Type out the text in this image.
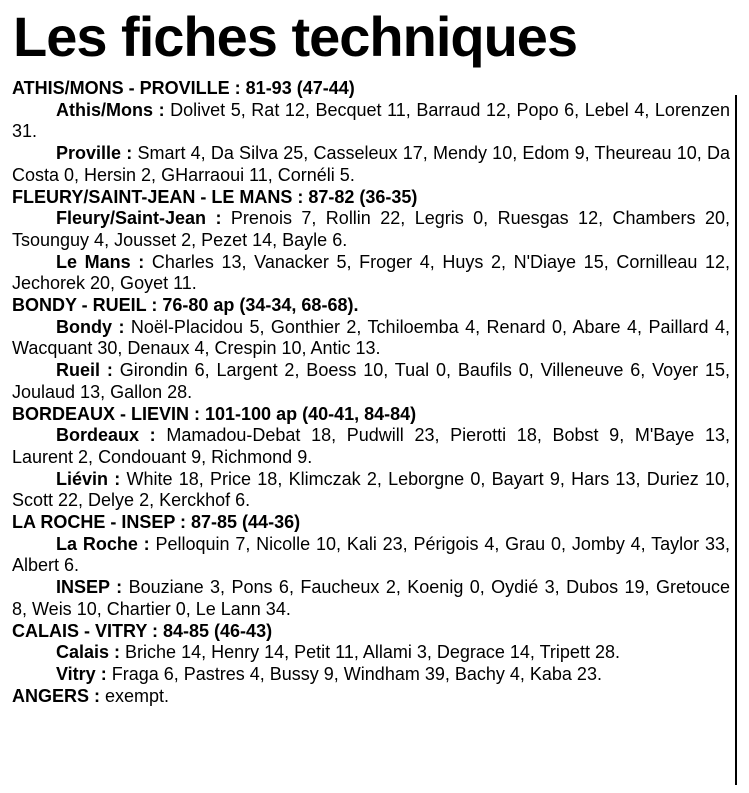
Les fiches techniques
ATHIS/MONS - PROVILLE : 81-93 (47-44)
Athis/Mons : Dolivet 5, Rat 12, Becquet 11, Barraud 12, Popo 6, Lebel 4, Lorenzen 31.
Proville : Smart 4, Da Silva 25, Casseleux 17, Mendy 10, Edom 9, Theureau 10, Da Costa 0, Hersin 2, GHarraoui 11, Cornéli 5.
FLEURY/SAINT-JEAN - LE MANS : 87-82 (36-35)
Fleury/Saint-Jean : Prenois 7, Rollin 22, Legris 0, Ruesgas 12, Chambers 20, Tsounguy 4, Jousset 2, Pezet 14, Bayle 6.
Le Mans : Charles 13, Vanacker 5, Froger 4, Huys 2, N'Diaye 15, Cornilleau 12, Jechorek 20, Goyet 11.
BONDY - RUEIL : 76-80 ap (34-34, 68-68).
Bondy : Noël-Placidou 5, Gonthier 2, Tchiloemba 4, Renard 0, Abare 4, Paillard 4, Wacquant 30, Denaux 4, Crespin 10, Antic 13.
Rueil : Girondin 6, Largent 2, Boess 10, Tual 0, Baufils 0, Villeneuve 6, Voyer 15, Joulaud 13, Gallon 28.
BORDEAUX - LIEVIN : 101-100 ap (40-41, 84-84)
Bordeaux : Mamadou-Debat 18, Pudwill 23, Pierotti 18, Bobst 9, M'Baye 13, Laurent 2, Condouant 9, Richmond 9.
Liévin : White 18, Price 18, Klimczak 2, Leborgne 0, Bayart 9, Hars 13, Duriez 10, Scott 22, Delye 2, Kerckhof 6.
LA ROCHE - INSEP : 87-85 (44-36)
La Roche : Pelloquin 7, Nicolle 10, Kali 23, Périgois 4, Grau 0, Jomby 4, Taylor 33, Albert 6.
INSEP : Bouziane 3, Pons 6, Faucheux 2, Koenig 0, Oydié 3, Dubos 19, Gretouce 8, Weis 10, Chartier 0, Le Lann 34.
CALAIS - VITRY : 84-85 (46-43)
Calais : Briche 14, Henry 14, Petit 11, Allami 3, Degrace 14, Tripett 28.
Vitry : Fraga 6, Pastres 4, Bussy 9, Windham 39, Bachy 4, Kaba 23.
ANGERS : exempt.
